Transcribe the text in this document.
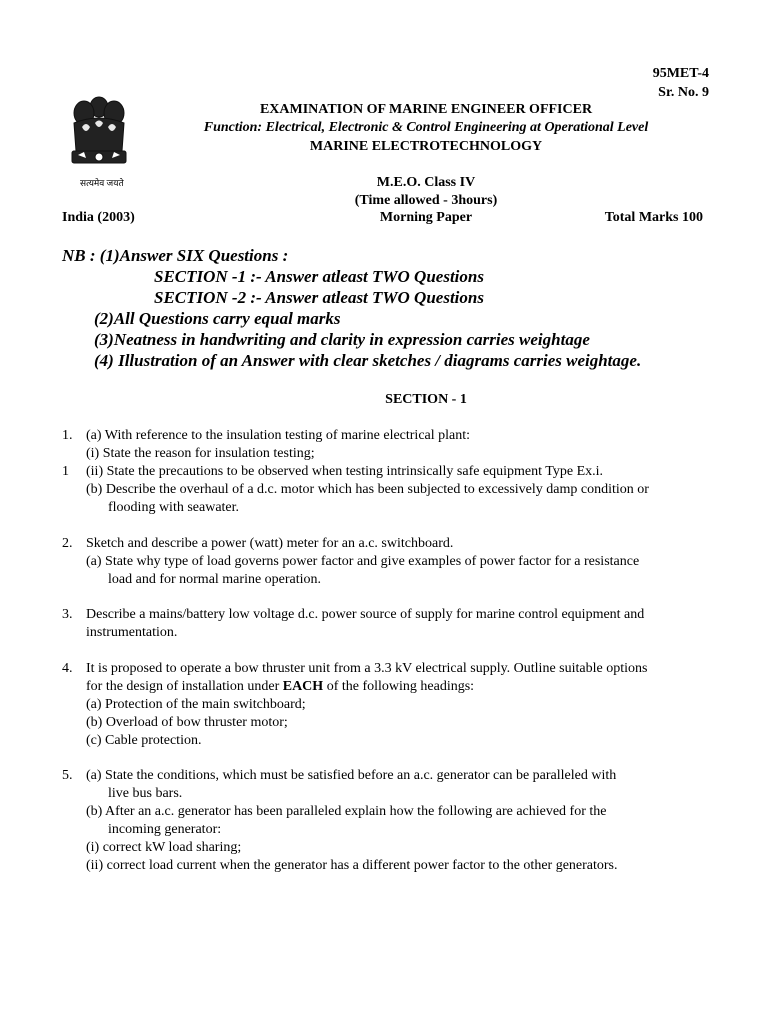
95MET-4
Sr. No. 9
सत्यमेव जयते
EXAMINATION OF MARINE ENGINEER OFFICER
Function: Electrical, Electronic & Control Engineering at Operational Level
MARINE ELECTROTECHNOLOGY
M.E.O. Class IV
(Time allowed - 3hours)
Morning Paper
India (2003)	Total Marks 100
NB : (1)Answer SIX Questions :
SECTION -1 :- Answer atleast TWO Questions
SECTION -2 :- Answer atleast TWO Questions
(2)All Questions carry equal marks
(3)Neatness in handwriting and clarity in expression carries weightage
(4) Illustration of an Answer with clear sketches / diagrams carries weightage.
SECTION - 1
1. (a) With reference to the insulation testing of marine electrical plant:
(i) State the reason for insulation testing;
1 (ii) State the precautions to be observed when testing intrinsically safe equipment Type Ex.i.
(b) Describe the overhaul of a d.c. motor which has been subjected to excessively damp condition or
flooding with seawater.
2. Sketch and describe a power (watt) meter for an a.c. switchboard.
(a) State why type of load governs power factor and give examples of power factor for a resistance
load and for normal marine operation.
3. Describe a mains/battery low voltage d.c. power source of supply for marine control equipment and
instrumentation.
4. It is proposed to operate a bow thruster unit from a 3.3 kV electrical supply. Outline suitable options
for the design of installation under EACH of the following headings:
(a) Protection of the main switchboard;
(b) Overload of bow thruster motor;
(c) Cable protection.
5. (a) State the conditions, which must be satisfied before an a.c. generator can be paralleled with
live bus bars.
(b) After an a.c. generator has been paralleled explain how the following are achieved for the
incoming generator:
(i) correct kW load sharing;
(ii) correct load current when the generator has a different power factor to the other generators.
